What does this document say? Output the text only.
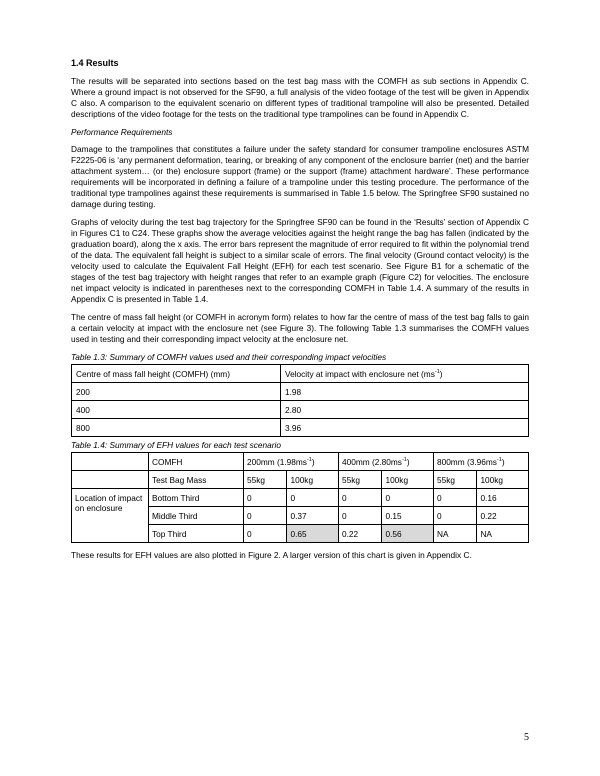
1.4 Results

The results will be separated into sections based on the test bag mass with the COMFH as sub sections in Appendix C. Where a ground impact is not observed for the SF90, a full analysis of the video footage of the test will be given in Appendix C also. A comparison to the equivalent scenario on different types of traditional trampoline will also be presented. Detailed descriptions of the video footage for the tests on the traditional type trampolines can be found in Appendix C.

Performance Requirements

Damage to the trampolines that constitutes a failure under the safety standard for consumer trampoline enclosures ASTM F2225-06 is ‘any permanent deformation, tearing, or breaking of any component of the enclosure barrier (net) and the barrier attachment system… (or the) enclosure support (frame) or the support (frame) attachment hardware’. These performance requirements will be incorporated in defining a failure of a trampoline under this testing procedure. The performance of the traditional type trampolines against these requirements is summarised in Table 1.5 below. The Springfree SF90 sustained no damage during testing.

Graphs of velocity during the test bag trajectory for the Springfree SF90 can be found in the ‘Results’ section of Appendix C in Figures C1 to C24. These graphs show the average velocities against the height range the bag has fallen (indicated by the graduation board), along the x axis. The error bars represent the magnitude of error required to fit within the polynomial trend of the data. The equivalent fall height is subject to a similar scale of errors. The final velocity (Ground contact velocity) is the velocity used to calculate the Equivalent Fall Height (EFH) for each test scenario. See Figure B1 for a schematic of the stages of the test bag trajectory with height ranges that refer to an example graph (Figure C2) for velocities. The enclosure net impact velocity is indicated in parentheses next to the corresponding COMFH in Table 1.4. A summary of the results in Appendix C is presented in Table 1.4.

The centre of mass fall height (or COMFH in acronym form) relates to how far the centre of mass of the test bag falls to gain a certain velocity at impact with the enclosure net (see Figure 3). The following Table 1.3 summarises the COMFH values used in testing and their corresponding impact velocity at the enclosure net.

Table 1.3: Summary of COMFH values used and their corresponding impact velocities
Centre of mass fall height (COMFH) (mm)	Velocity at impact with enclosure net $(ms^{-1})$
200	1.98
400	2.80
800	3.96
Table 1.4: Summary of EFH values for each test scenario
	COMFH	200mm $(1.98ms^{-1})$		400mm $(2.80ms^{-1})$		800mm $(3.96ms^{-1})$	
	Test Bag Mass	55kg	100kg	55kg	100kg	55kg	100kg
Location of impact on enclosure	Bottom Third	0	0	0	0	0	0.16
	Middle Third	0	0.37	0	0.15	0	0.22
	Top Third	0	0.65	0.22	0.56	NA	NA

These results for EFH values are also plotted in Figure 2. A larger version of this chart is given in Appendix C.

5
